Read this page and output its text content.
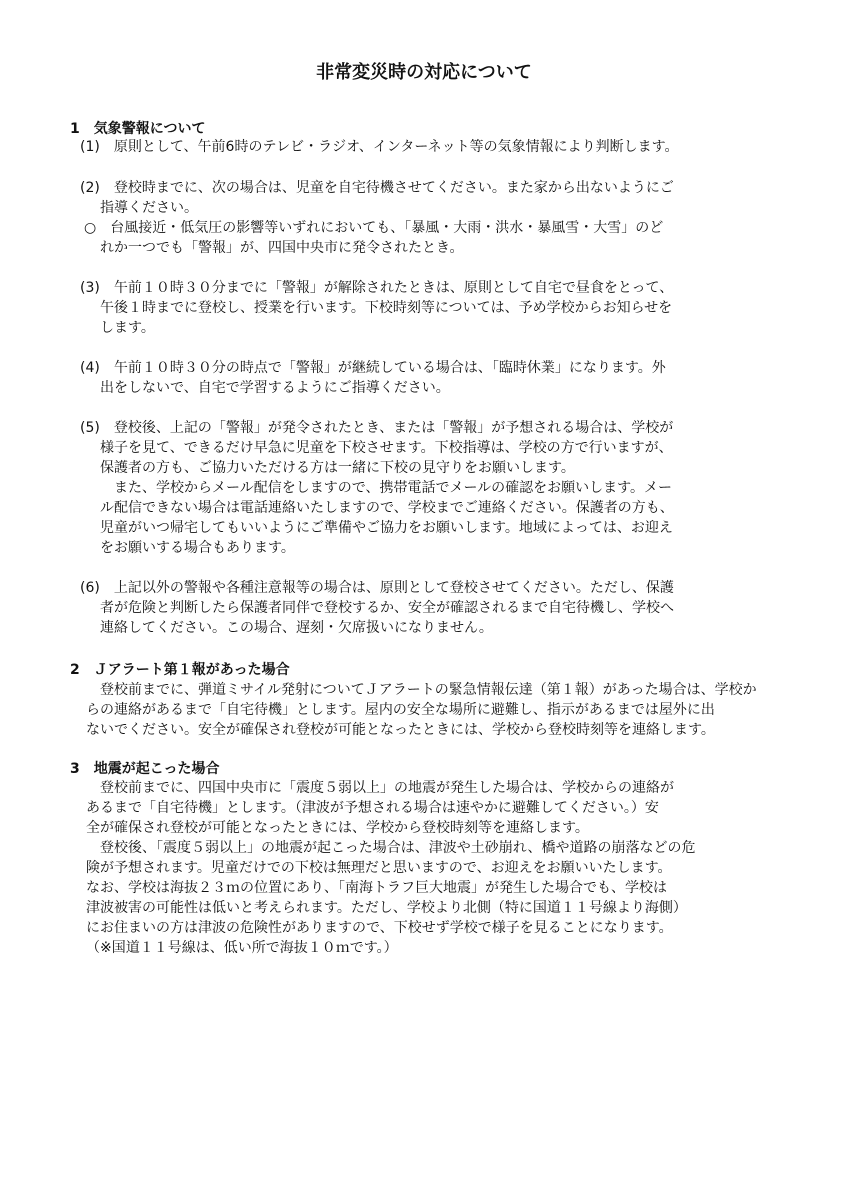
非常変災時の対応について
1　気象警報について
(1)　原則として、午前6時のテレビ・ラジオ、インターネット等の気象情報により判断します。
(2)　登校時までに、次の場合は、児童を自宅待機させてください。また家から出ないようにご
指導ください。
○　台風接近・低気圧の影響等いずれにおいても、「暴風・大雨・洪水・暴風雪・大雪」のど
れか一つでも「警報」が、四国中央市に発令されたとき。
(3)　午前１０時３０分までに「警報」が解除されたときは、原則として自宅で昼食をとって、
午後１時までに登校し、授業を行います。下校時刻等については、予め学校からお知らせを
します。
(4)　午前１０時３０分の時点で「警報」が継続している場合は、「臨時休業」になります。外
出をしないで、自宅で学習するようにご指導ください。
(5)　登校後、上記の「警報」が発令されたとき、または「警報」が予想される場合は、学校が
様子を見て、できるだけ早急に児童を下校させます。下校指導は、学校の方で行いますが、
保護者の方も、ご協力いただける方は一緒に下校の見守りをお願いします。
また、学校からメール配信をしますので、携帯電話でメールの確認をお願いします。メー
ル配信できない場合は電話連絡いたしますので、学校までご連絡ください。保護者の方も、
児童がいつ帰宅してもいいようにご準備やご協力をお願いします。地域によっては、お迎え
をお願いする場合もあります。
(6)　上記以外の警報や各種注意報等の場合は、原則として登校させてください。ただし、保護
者が危険と判断したら保護者同伴で登校するか、安全が確認されるまで自宅待機し、学校へ
連絡してください。この場合、遅刻・欠席扱いになりません。
2　Ｊアラート第１報があった場合
登校前までに、弾道ミサイル発射についてＪアラートの緊急情報伝達（第１報）があった場合は、学校か
らの連絡があるまで「自宅待機」とします。屋内の安全な場所に避難し、指示があるまでは屋外に出
ないでください。安全が確保され登校が可能となったときには、学校から登校時刻等を連絡します。
3　地震が起こった場合
登校前までに、四国中央市に「震度５弱以上」の地震が発生した場合は、学校からの連絡が
あるまで「自宅待機」とします。（津波が予想される場合は速やかに避難してください。）安
全が確保され登校が可能となったときには、学校から登校時刻等を連絡します。
登校後、「震度５弱以上」の地震が起こった場合は、津波や土砂崩れ、橋や道路の崩落などの危
険が予想されます。児童だけでの下校は無理だと思いますので、お迎えをお願いいたします。
なお、学校は海抜２３ｍの位置にあり、「南海トラフ巨大地震」が発生した場合でも、学校は
津波被害の可能性は低いと考えられます。ただし、学校より北側（特に国道１１号線より海側）
にお住まいの方は津波の危険性がありますので、下校せず学校で様子を見ることになります。
（※国道１１号線は、低い所で海抜１０ｍです。）
